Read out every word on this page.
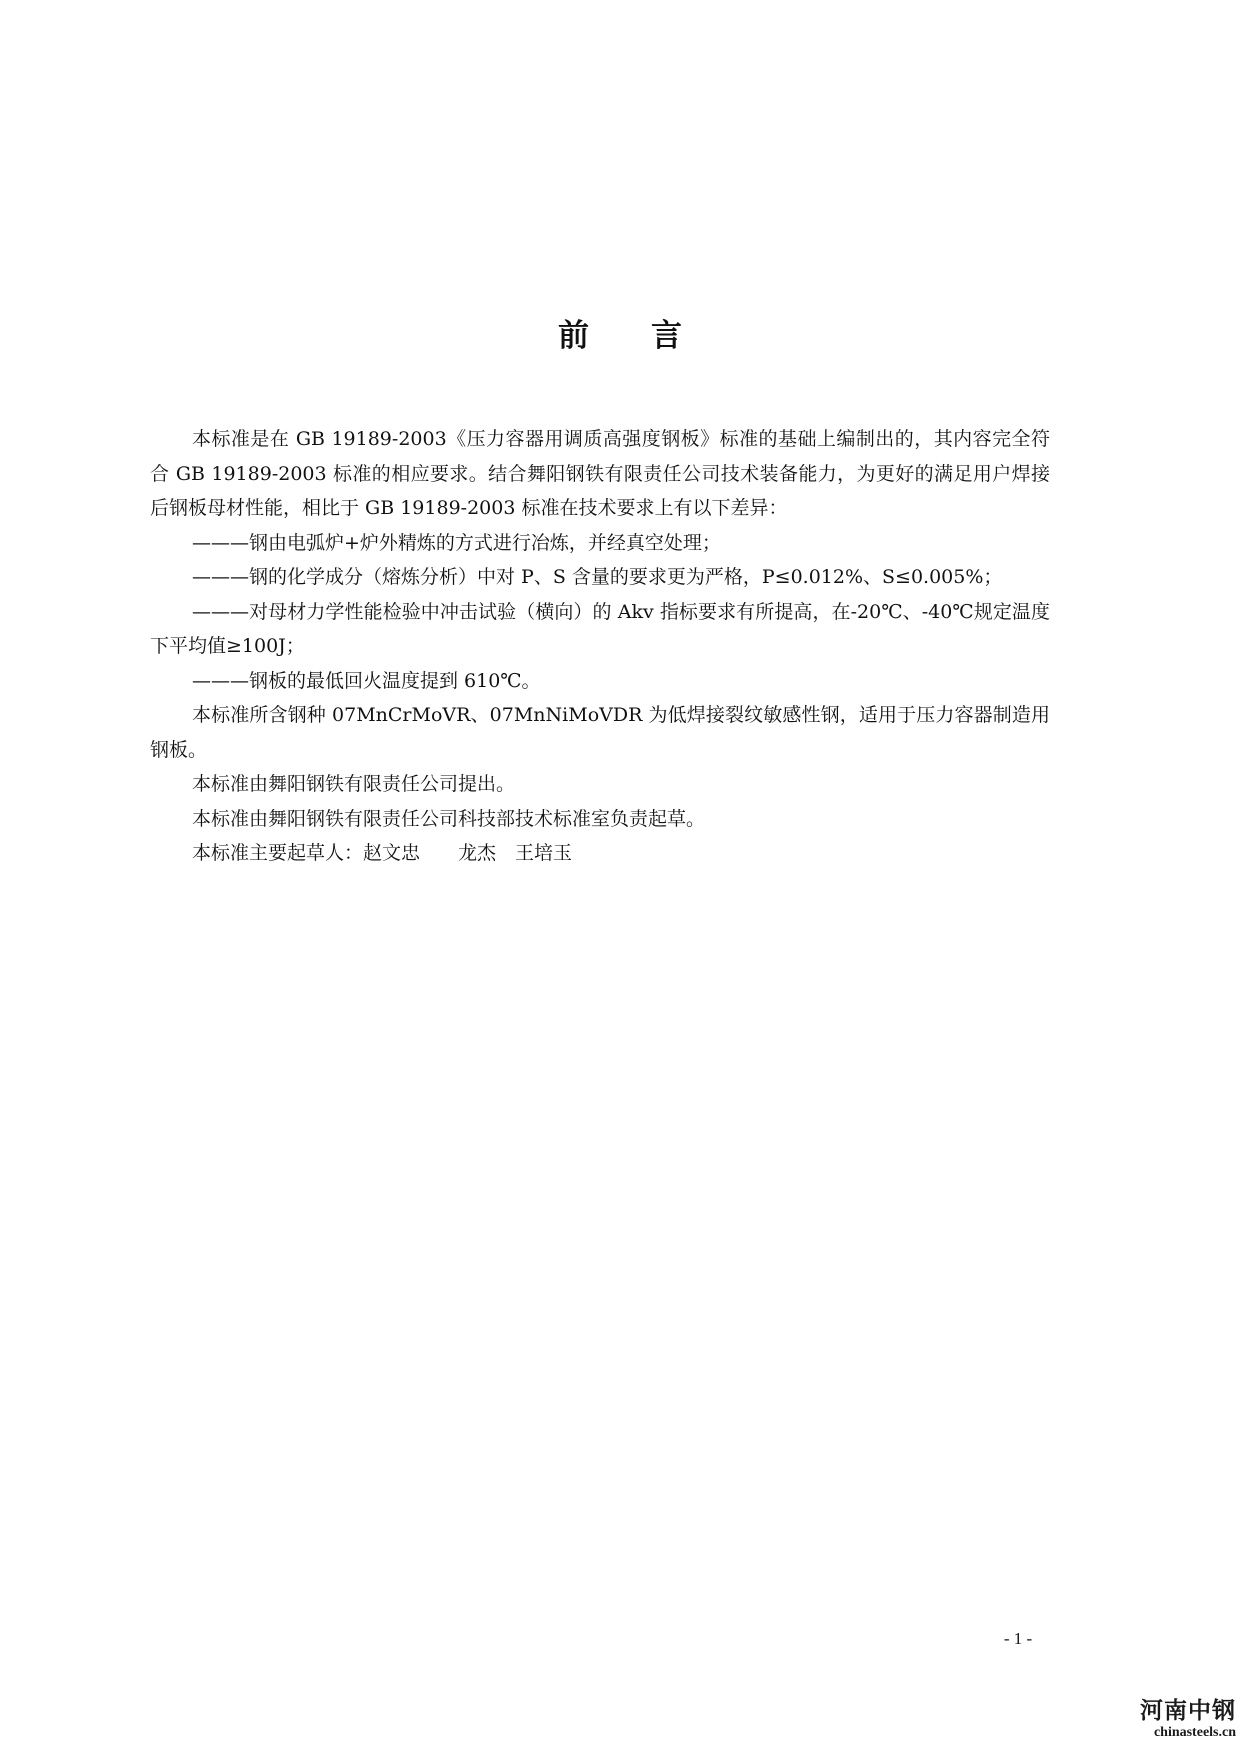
前言

本标准是在 GB 19189-2003《压力容器用调质高强度钢板》标准的基础上编制出的，其内容完全符合 GB 19189-2003 标准的相应要求。结合舞阳钢铁有限责任公司技术装备能力，为更好的满足用户焊接后钢板母材性能，相比于 GB 19189-2003 标准在技术要求上有以下差异：

———钢由电弧炉+炉外精炼的方式进行冶炼，并经真空处理；

———钢的化学成分（熔炼分析）中对 P、S 含量的要求更为严格，P≤0.012%、S≤0.005%；

———对母材力学性能检验中冲击试验（横向）的 Akv 指标要求有所提高，在-20℃、-40℃规定温度下平均值≥100J；

———钢板的最低回火温度提到 610℃。

本标准所含钢种 07MnCrMoVR、07MnNiMoVDR 为低焊接裂纹敏感性钢，适用于压力容器制造用钢板。

本标准由舞阳钢铁有限责任公司提出。

本标准由舞阳钢铁有限责任公司科技部技术标准室负责起草。

本标准主要起草人：赵文忠　　龙杰　王培玉

- 1 -
河南中钢
chinasteels.cn
